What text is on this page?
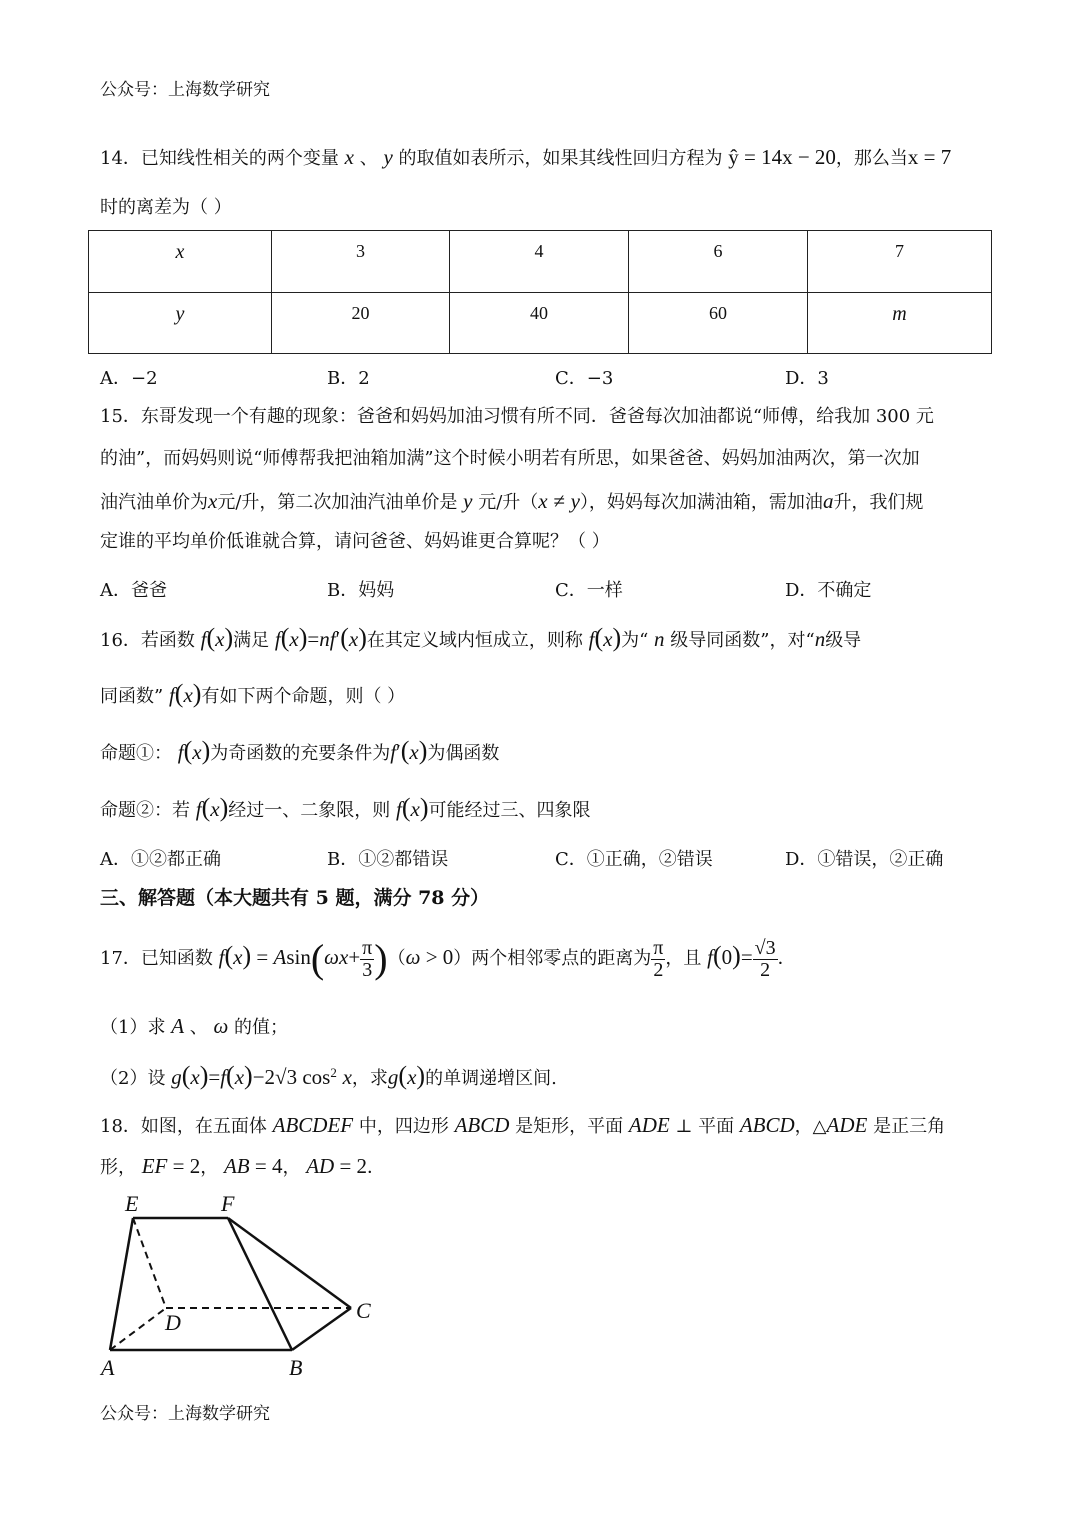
公众号：上海数学研究
14．已知线性相关的两个变量 x 、 y 的取值如表所示，如果其线性回归方程为 ŷ = 14x − 20，那么当x = 7
时的离差为（ ）
x	3	4	6	7
y	20	40	60	m
A．−2	B．2	C．−3	D．3
15．东哥发现一个有趣的现象：爸爸和妈妈加油习惯有所不同．爸爸每次加油都说“师傅，给我加 300 元
的油”，而妈妈则说“师傅帮我把油箱加满”这个时候小明若有所思，如果爸爸、妈妈加油两次，第一次加
油汽油单价为x元/升，第二次加油汽油单价是 y 元/升（x ≠ y），妈妈每次加满油箱，需加油a升，我们规
定谁的平均单价低谁就合算，请问爸爸、妈妈谁更合算呢？（ ）
A．爸爸	B．妈妈	C．一样	D．不确定
16．若函数 f(x)满足 f(x)=nf′(x)在其定义域内恒成立，则称 f(x)为“ n 级导同函数”，对“n级导
同函数” f(x)有如下两个命题，则（ ）
命题①： f(x)为奇函数的充要条件为f′(x)为偶函数
命题②：若 f(x)经过一、二象限，则 f(x)可能经过三、四象限
A．①②都正确	B．①②都错误	C．①正确，②错误	D．①错误，②正确
三、解答题（本大题共有 5 题，满分 78 分）
17．已知函数 $f(x) = Asin(\omega x+ \frac{\pi}{3} )(\omega > 0)$两个相邻零点的距离为 $\frac{\pi}{2}$ ，且 $f(0)= \frac{√3}{2}$ ．
（1）求 A 、 ω 的值；
（2）设 g(x)=f(x)−2√3 $\cos^2 x$，求g(x)的单调递增区间.
18．如图，在五面体 ABCDEF 中，四边形 ABCD 是矩形，平面 ADE ⊥ 平面 ABCD，△ADE 是正三角
形， EF = 2， AB = 4， AD = 2．
E	F
D	C
A	B
公众号：上海数学研究
